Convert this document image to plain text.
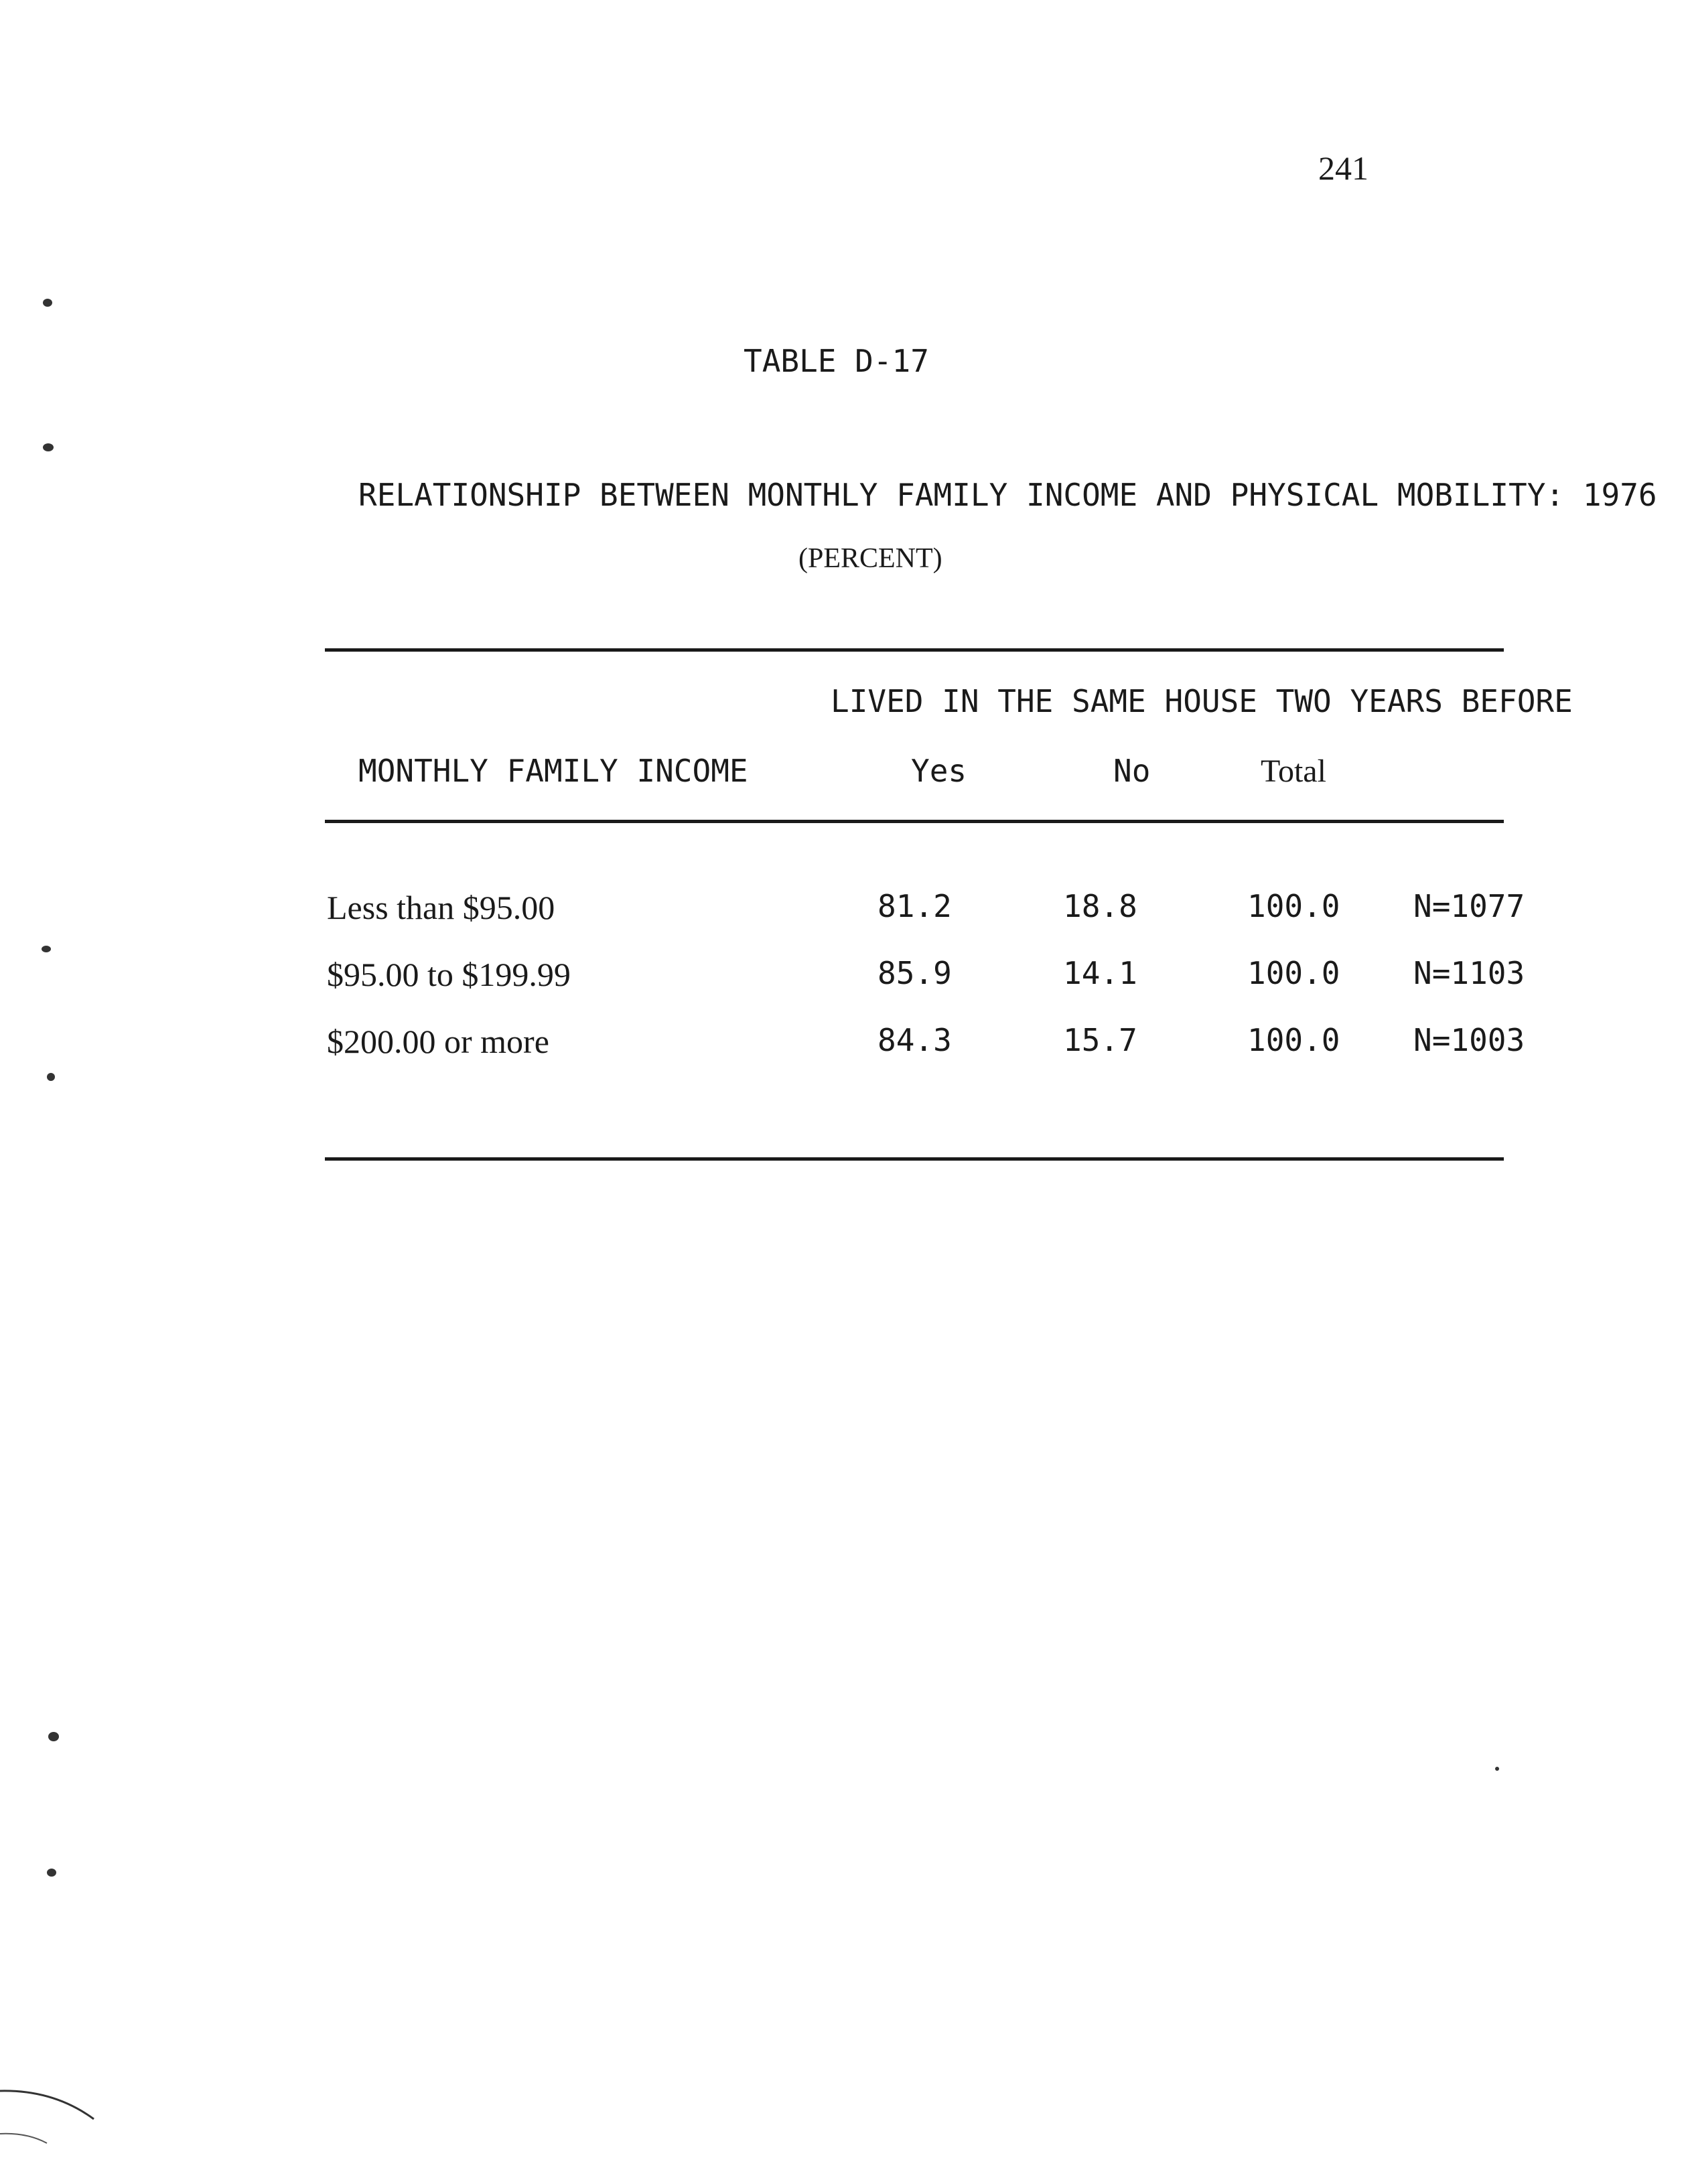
241
TABLE D-17
RELATIONSHIP BETWEEN MONTHLY FAMILY INCOME AND PHYSICAL MOBILITY: 1976
(PERCENT)
LIVED IN THE SAME HOUSE TWO YEARS BEFORE
MONTHLY FAMILY INCOME	Yes	No	Total
Less than $95.00	81.2	18.8	100.0 N=1077
$95.00 to $199.99	85.9	14.1	100.0 N=1103
$200.00 or more	84.3	15.7	100.0 N=1003
